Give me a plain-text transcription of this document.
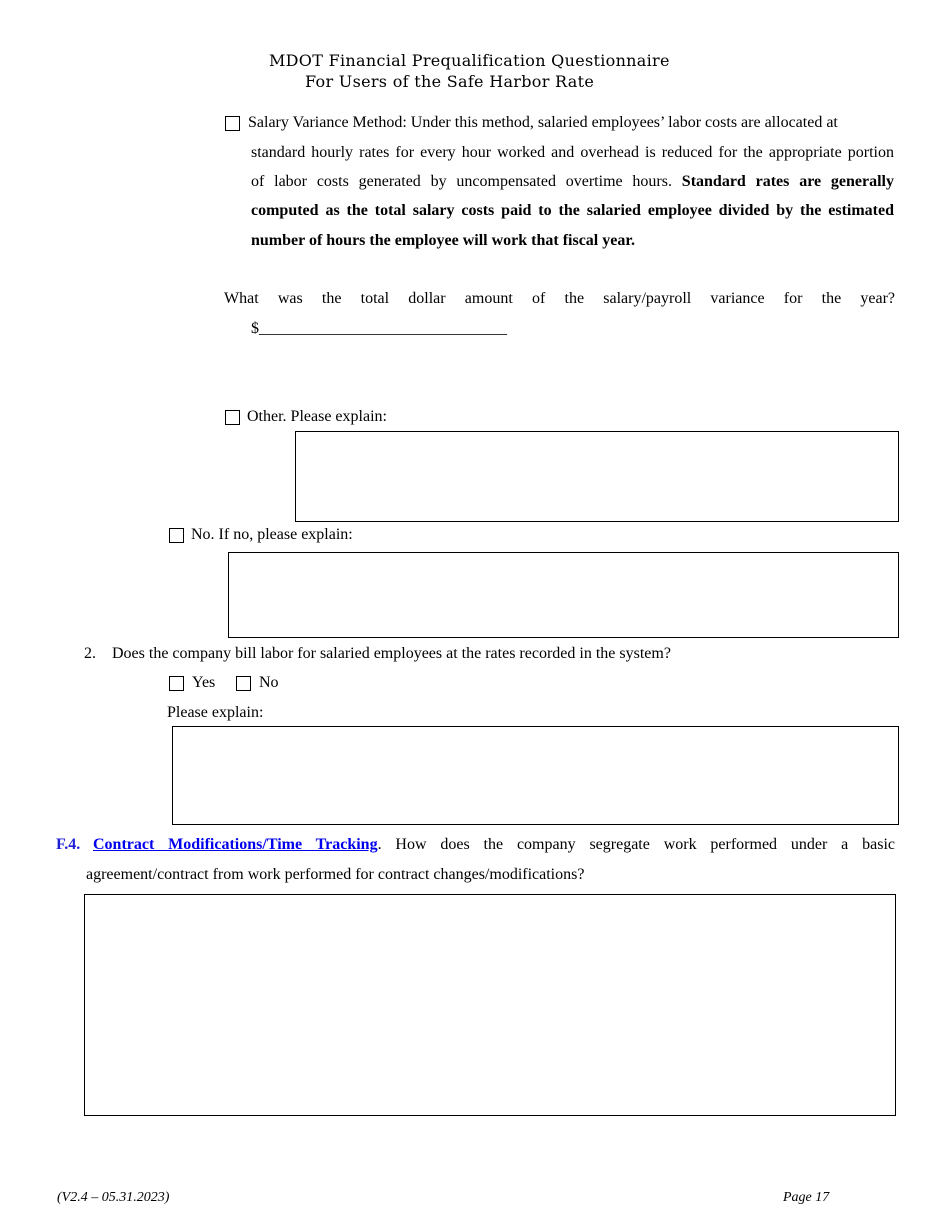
MDOT Financial Prequalification Questionnaire
For Users of the Safe Harbor Rate
Salary Variance Method: Under this method, salaried employees’ labor costs are allocated at
standard hourly rates for every hour worked and overhead is reduced for the appropriate portion
of labor costs generated by uncompensated overtime hours. Standard rates are generally
computed as the total salary costs paid to the salaried employee divided by the estimated
number of hours the employee will work that fiscal year.
What was the total dollar amount of the salary/payroll variance for the year?
$_______________________________
Other. Please explain:
No. If no, please explain:
2. Does the company bill labor for salaried employees at the rates recorded in the system?
Yes	No
Please explain:
F.4. Contract Modifications/Time Tracking. How does the company segregate work performed under a basic
agreement/contract from work performed for contract changes/modifications?
(V2.4 – 05.31.2023)	Page 17
